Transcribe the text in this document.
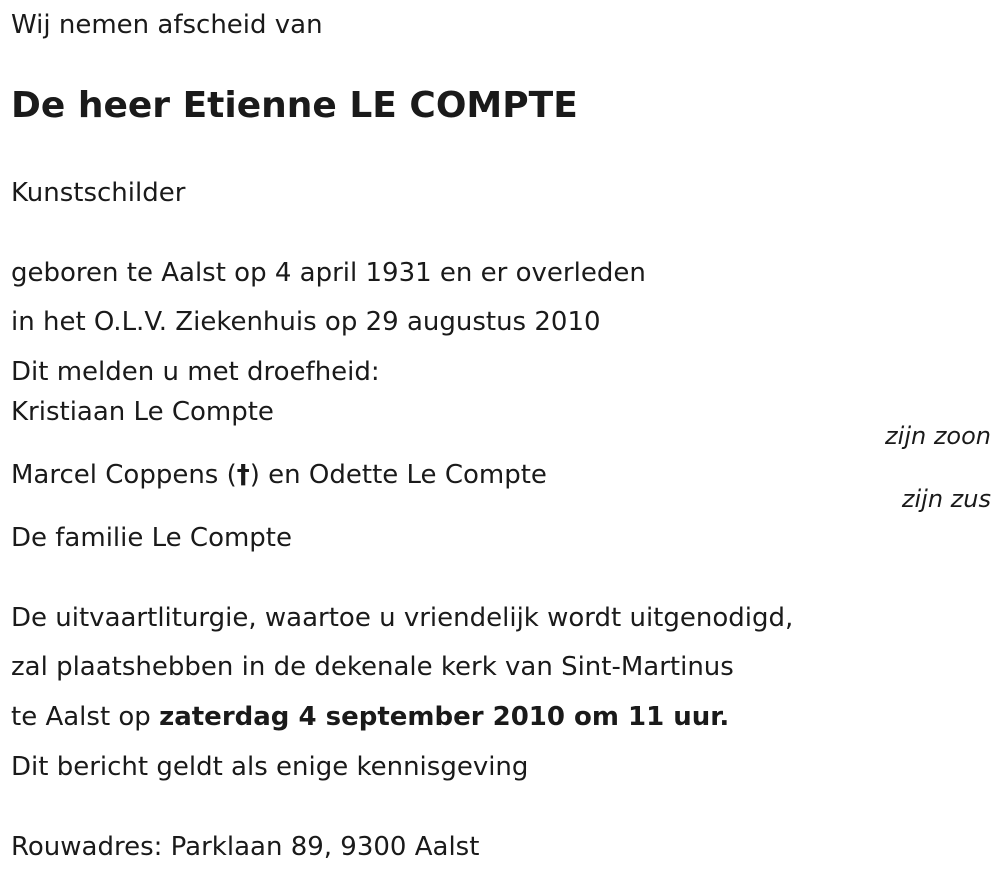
Wij nemen afscheid van
De heer Etienne LE COMPTE
Kunstschilder
geboren te Aalst op 4 april 1931 en er overleden
in het O.L.V. Ziekenhuis op 29 augustus 2010
Dit melden u met droefheid:
Kristiaan Le Compte
zijn zoon
Marcel Coppens (†) en Odette Le Compte
zijn zus
De familie Le Compte
De uitvaartliturgie, waartoe u vriendelijk wordt uitgenodigd,
zal plaatshebben in de dekenale kerk van Sint-Martinus
te Aalst op zaterdag 4 september 2010 om 11 uur.
Dit bericht geldt als enige kennisgeving
Rouwadres: Parklaan 89, 9300 Aalst
